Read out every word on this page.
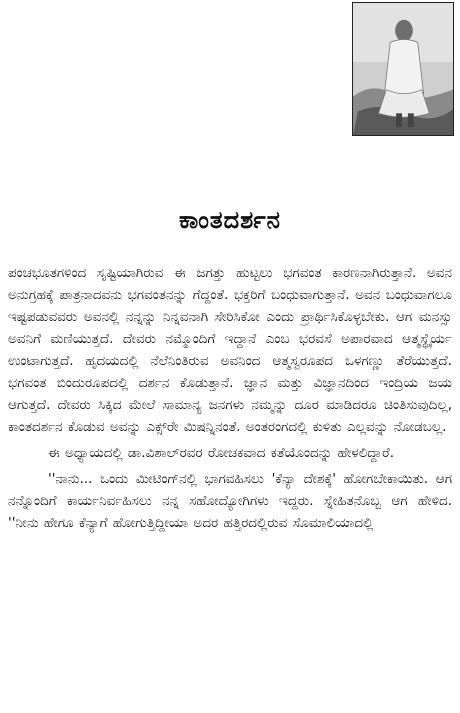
ಕಾಂತದರ್ಶನ

ಪಂಚಭೂತಗಳಿಂದ ಸೃಷ್ಟಿಯಾಗಿರುವ ಈ ಜಗತ್ತು ಹುಟ್ಟಲು ಭಗವಂತ ಕಾರಣನಾಗಿರುತ್ತಾನೆ. ಅವನ ಅನುಗ್ರಹಕ್ಕೆ ಪಾತ್ರನಾದವನು ಭಗವಂತನನ್ನು ಗೆದ್ದಂತೆ. ಭಕ್ತರಿಗೆ ಬಂಧುವಾಗುತ್ತಾನೆ. ಅವನ ಬಂಧುವಾಗಲೂ ಇಷ್ಟಪಡುವವರು ಅವನಲ್ಲಿ ನನ್ನನ್ನು ನಿನ್ನವನಾಗಿ ಸೇರಿಸಿಕೋ ಎಂದು ಪ್ರಾರ್ಥಿಸಿಕೊಳ್ಳಬೇಕು. ಆಗ ಮನಸ್ಸು ಅವನಿಗೆ ಮಣಿಯುತ್ತದೆ. ದೇವರು ನಮ್ಮೊಂದಿಗೆ ಇದ್ದಾನೆ ಎಂಬ ಭರವಸೆ ಅಪಾರವಾದ ಆತ್ಮಸ್ಥೈರ್ಯ ಉಂಟಾಗುತ್ತದೆ. ಹೃದಯದಲ್ಲಿ ನೆಲೆನಿಂತಿರುವ ಅವನಿಂದ ಆತ್ಮಸ್ವರೂಪದ ಒಳಗಣ್ಣು ತೆರೆಯುತ್ತದೆ. ಭಗವಂತ ಬಿಂದುರೂಪದಲ್ಲಿ ದರ್ಶನ ಕೊಡುತ್ತಾನೆ. ಜ್ಞಾನ ಮತ್ತು ವಿಜ್ಞಾನದಿಂದ ಇಂದ್ರಿಯ ಜಯ ಆಗುತ್ತದೆ. ದೇವರು ಸಿಕ್ಕಿದ ಮೇಲೆ ಸಾಮಾನ್ಯ ಜನಗಳು ನಮ್ಮನ್ನು ದೂರ ಮಾಡಿದರೂ ಚಿಂತಿಸುವುದಿಲ್ಲ, ಕಾಂತದರ್ಶನ ಕೊಡುವ ಅವನ್ನು ಎಕ್ಸ್‌ರೇ ಮಿಷನ್ನಿನಂತೆ. ಅಂತರಂಗದಲ್ಲಿ ಕುಳಿತು ಎಲ್ಲವನ್ನು ನೋಡಬಲ್ಲ.

ಈ ಅಧ್ಯಾಯದಲ್ಲಿ ಡಾ.ವಿಶಾಲ್‌ರವರ ರೋಚಕವಾದ ಕತೆಯೊಂದನ್ನು ಹೇಳಲಿದ್ದಾರೆ.

''ನಾನು... ಒಂದು ಮೀಟಿಂಗ್‌ನಲ್ಲಿ ಭಾಗವಹಿಸಲು 'ಕೆನ್ಯಾ ದೇಶಕ್ಕೆ' ಹೋಗಬೇಕಾಯಿತು. ಆಗ ನನ್ನೊಂದಿಗೆ ಕಾರ್ಯನಿರ್ವಹಿಸಲು ನನ್ನ ಸಹೋದ್ಯೋಗಿಗಳು ಇದ್ದರು. ಸ್ನೇಹಿತನೊಬ್ಬ ಆಗ ಹೇಳಿದ. ''ನೀನು ಹೇಗೂ ಕೆನ್ಯಾಗೆ ಹೋಗುತ್ತಿದ್ದೀಯಾ ಅದರ ಹತ್ತಿರದಲ್ಲಿರುವ ಸೊಮಾಲಿಯಾದಲ್ಲಿ
